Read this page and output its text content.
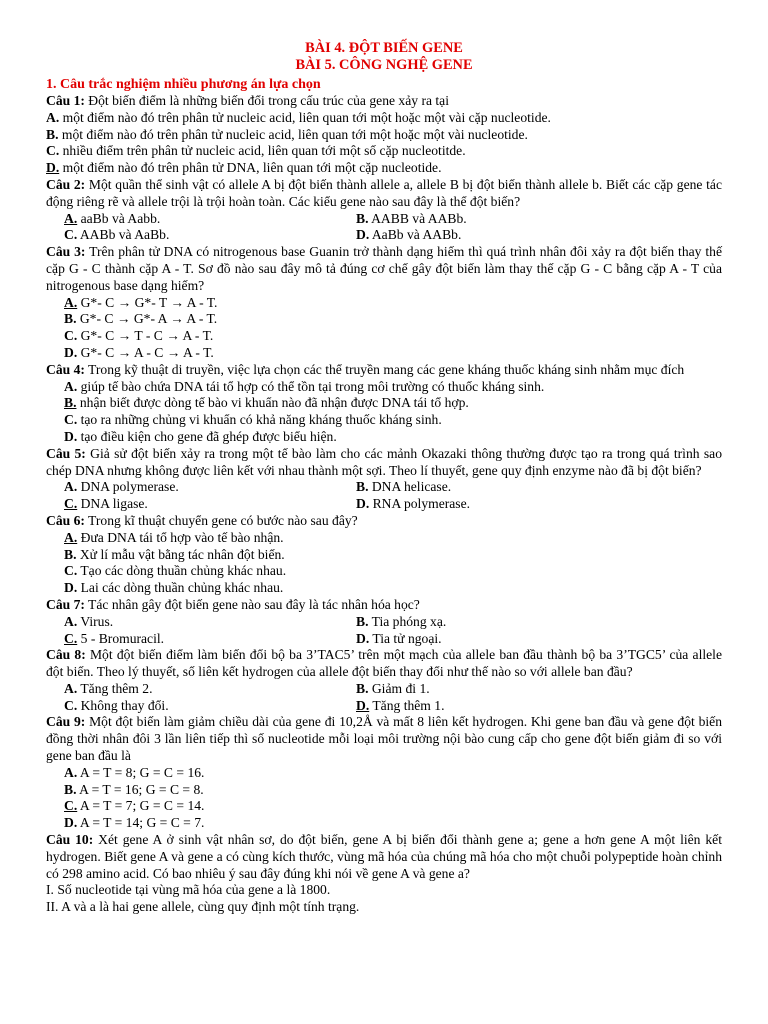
BÀI 4. ĐỘT BIẾN GENE
BÀI 5. CÔNG NGHỆ GENE
1. Câu trắc nghiệm nhiều phương án lựa chọn
Câu 1: Đột biến điểm là những biến đổi trong cấu trúc của gene xảy ra tại
A. một điểm nào đó trên phân tử nucleic acid, liên quan tới một hoặc một vài cặp nucleotide.
B. một điểm nào đó trên phân tử nucleic acid, liên quan tới một hoặc một vài nucleotide.
C. nhiều điểm trên phân tử nucleic acid, liên quan tới một số cặp nucleotitde.
D. một điểm nào đó trên phân tử DNA, liên quan tới một cặp nucleotide.
Câu 2: Một quần thể sinh vật có allele A bị đột biến thành allele a, allele B bị đột biến thành allele b. Biết các cặp gene tác động riêng rẽ và allele trội là trội hoàn toàn. Các kiểu gene nào sau đây là thể đột biến?
A. aaBb và Aabb.	B. AABB và AABb.
C. AABb và AaBb.	D. AaBb và AABb.
Câu 3: Trên phân tử DNA có nitrogenous base Guanin trở thành dạng hiếm thì quá trình nhân đôi xảy ra đột biến thay thế cặp G - C thành cặp A - T. Sơ đồ nào sau đây mô tả đúng cơ chế gây đột biến làm thay thế cặp G - C bằng cặp A - T của nitrogenous base dạng hiếm?
A. G*- C → G*- T → A - T.
B. G*- C → G*- A → A - T.
C. G*- C → T - C → A - T.
D. G*- C → A - C → A - T.
Câu 4: Trong kỹ thuật di truyền, việc lựa chọn các thể truyền mang các gene kháng thuốc kháng sinh nhằm mục đích
A. giúp tế bào chứa DNA tái tổ hợp có thể tồn tại trong môi trường có thuốc kháng sinh.
B. nhận biết được dòng tế bào vi khuẩn nào đã nhận được DNA tái tổ hợp.
C. tạo ra những chủng vi khuẩn có khả năng kháng thuốc kháng sinh.
D. tạo điều kiện cho gene đã ghép được biểu hiện.
Câu 5: Giả sử đột biến xảy ra trong một tế bào làm cho các mảnh Okazaki thông thường được tạo ra trong quá trình sao chép DNA nhưng không được liên kết với nhau thành một sợi. Theo lí thuyết, gene quy định enzyme nào đã bị đột biến?
A. DNA polymerase.	B. DNA helicase.
C. DNA ligase.	D. RNA polymerase.
Câu 6: Trong kĩ thuật chuyển gene có bước nào sau đây?
A. Đưa DNA tái tổ hợp vào tế bào nhận.
B. Xử lí mẫu vật bằng tác nhân đột biến.
C. Tạo các dòng thuần chủng khác nhau.
D. Lai các dòng thuần chủng khác nhau.
Câu 7: Tác nhân gây đột biến gene nào sau đây là tác nhân hóa học?
A. Virus.	B. Tia phóng xạ.
C. 5 - Bromuracil.	D. Tia tử ngoại.
Câu 8: Một đột biến điểm làm biến đổi bộ ba 3’TAC5’ trên một mạch của allele ban đầu thành bộ ba 3’TGC5’ của allele đột biến. Theo lý thuyết, số liên kết hydrogen của allele đột biến thay đổi như thế nào so với allele ban đầu?
A. Tăng thêm 2.	B. Giảm đi 1.
C. Không thay đổi.	D. Tăng thêm 1.
Câu 9: Một đột biến làm giảm chiều dài của gene đi 10,2Å và mất 8 liên kết hydrogen. Khi gene ban đầu và gene đột biến đồng thời nhân đôi 3 lần liên tiếp thì số nucleotide mỗi loại môi trường nội bào cung cấp cho gene đột biến giảm đi so với gene ban đầu là
A. A = T = 8; G = C = 16.
B. A = T = 16; G = C = 8.
C. A = T = 7; G = C = 14.
D. A = T = 14; G = C = 7.
Câu 10: Xét gene A ở sinh vật nhân sơ, do đột biến, gene A bị biến đổi thành gene a; gene a hơn gene A một liên kết hydrogen. Biết gene A và gene a có cùng kích thước, vùng mã hóa của chúng mã hóa cho một chuỗi polypeptide hoàn chỉnh có 298 amino acid. Có bao nhiêu ý sau đây đúng khi nói về gene A và gene a?
I. Số nucleotide tại vùng mã hóa của gene a là 1800.
II. A và a là hai gene allele, cùng quy định một tính trạng.
